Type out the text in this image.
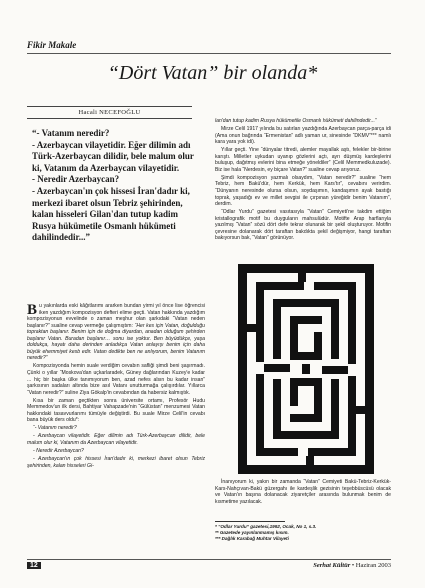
Fikir Makale
“Dört Vatan” bir olanda*
Hacali NECEFOĞLU

“- Vatanım neredir?

- Azerbaycan vilayetidir. Eğer dilimin adı Türk-Azerbaycan dilidir, bele malum olur ki, Vatanım da Azerbaycan vilayetidir.

- Neredir Azerbaycan?

- Azerbaycan'ın çok hissesi İran'dadır ki, merkezi ibaret olsun Tebriz şehirinden, kalan hisseleri Gilan'dan tutup kadim Rusya hükümetile Osmanlı hükümeti dahilindedir...”

Bu yakınlarda eski kâğıtlarımı ararken bundan yirmi yıl önce lise öğrencisi iken yazdığım kompozisyon defteri elime geçti. Vatan hakkında yazdığım kompozisyonun evvelinde o zaman meşhur olan şarkıdaki “Vatan neden başlanır?” sualine cevap vermeğe çalışmıştım: “Her kes için Vatan, doğulduğu topraktan başlanır. Benim için de doğma diyardan, anadan olduğum şehirden başlanır Vatan. Buradan başlanır… sonu ise yoktur. Ben büyüdükçe, yaşa doldukça, hayatı daha derinden anladıkça Vatan anlayışı benim için daha büyük ehemmiyet kesb edir. Vatan dedikte ben ne anlıyorum, benim Vatanım neredir?”

Kompozisyonda hemin suale verdiğim cevabın safliği şimdi beni şaşırmadı. Çünki o yıllar “Moskova'dan uçkarlaradek, Güney dağlarından Kuzey'e kadar ... hiç bir başka ülke tanımıyorum ben, azad nefes alsın bu kadar insan” şarkısının sadaları altında bize asıl Vatanı unutturmağa çalışırdılar. Yıllarca “Vatan neredir?” suline Ziya Gökalp'in cevabından da habersiz kalmıştık.

Kısa bir zaman geçtikten sonra üniversite ortamı, Profesör Hudu Memmedov'un ilk dersi, Bahtiyar Vahapzade'nin “Gülüstan” menzumesi Vatan hakkındaki tasavvurlarımı tümüyle değiştirdi. Bu suale Mirze Celil'in cevabı bana büyük ders oldu*:

“- Vatanım neredir?

- Azerbaycan vilayetidir. Eğer dilimin adı Türk-Azerbaycan dilidir, bele malum olur ki, Vatanım da Azerbaycan vilayetidir.

- Neredir Azerbaycan?

- Azerbaycan'ın çok hissesi İran'dadır ki, merkezi ibaret olsun Tebriz şehirinden, kalan hisseleri Gi-

lan'dan tutup kadim Rusya hükümetile Osmanlı hükümeti dahilindedir...”

Mirze Celil 1917 yılında bu satırları yazdığında Azerbaycan parça-parça idi (Ama onun bağrında “Ermenistan” adlı yaman ur, sinesinde “DKMV”*** namlı kara yara yok idi).

Yıllar geçti. Yine “dünyalar titredi, alemler mayallak aştı, felekler bir-birine karıştı. Milletler uykudan uyanıp gözlerini açtı, ayrı düşmüş kardeşlerini buluşup, dağıtmış evlerini bina etmeğe yöneldiler” (Celil Memmedkuluzade). Biz ise hala “Nerdesin, ey biçare Vatan?” sualine cevap arıyoruz.

Şimdi kompozisyon yazmalı olsaydım, “Vatan neredir?” sualine “hem Tebriz, hem Bakü'dür, hem Kerkük, hem Kars'tır”, cevabını verirdim. “Dünyanın neresinde olursa olsun, soydaşımın, kandaşımın ayak bastığı toprak, yaşadığı ev ve millet sevgisi ile çırpınan yüreğidir benim Vatanım”, derdim.

“Odlar Yurdu” gazetesi vasıtasıyla “Vatan” Cemiyeti'ne takdim ettiğim kristallografik motif bu duyguların mahsulüdür. Motifte Arap harflarıyla yazılmış “Vatan” sözü dört defe tekrar olunarak bir şekil oluşturuyor. Motifin çevresine dolanarak dört taraftan bakdıkta şekil değişmiyor, hangi taraftan bakıyorsun bak, “Vatan” görünüyor.

İnanıyorum ki, yakın bir zamanda “Vatan” Cemiyeti Bakü-Tebriz-Kerkük-Kars-Nahçıvan-Bakü güzergahı ile kardeşlik gezisinin teşebbüscüsü olacak ve Vatan'ın başına dolanacak ziyaretçiler arasında bulunmak benim de kısmetime yazılacak.

* “Odlar Yurdu” gazetesi,1992, Ocak, No 1, s.3.
** Gazetede yayınlanmamış kısım.
*** Dağlık Karabağ Muhtar Vilayeti
12	Serhat Kültür • Haziran 2003
